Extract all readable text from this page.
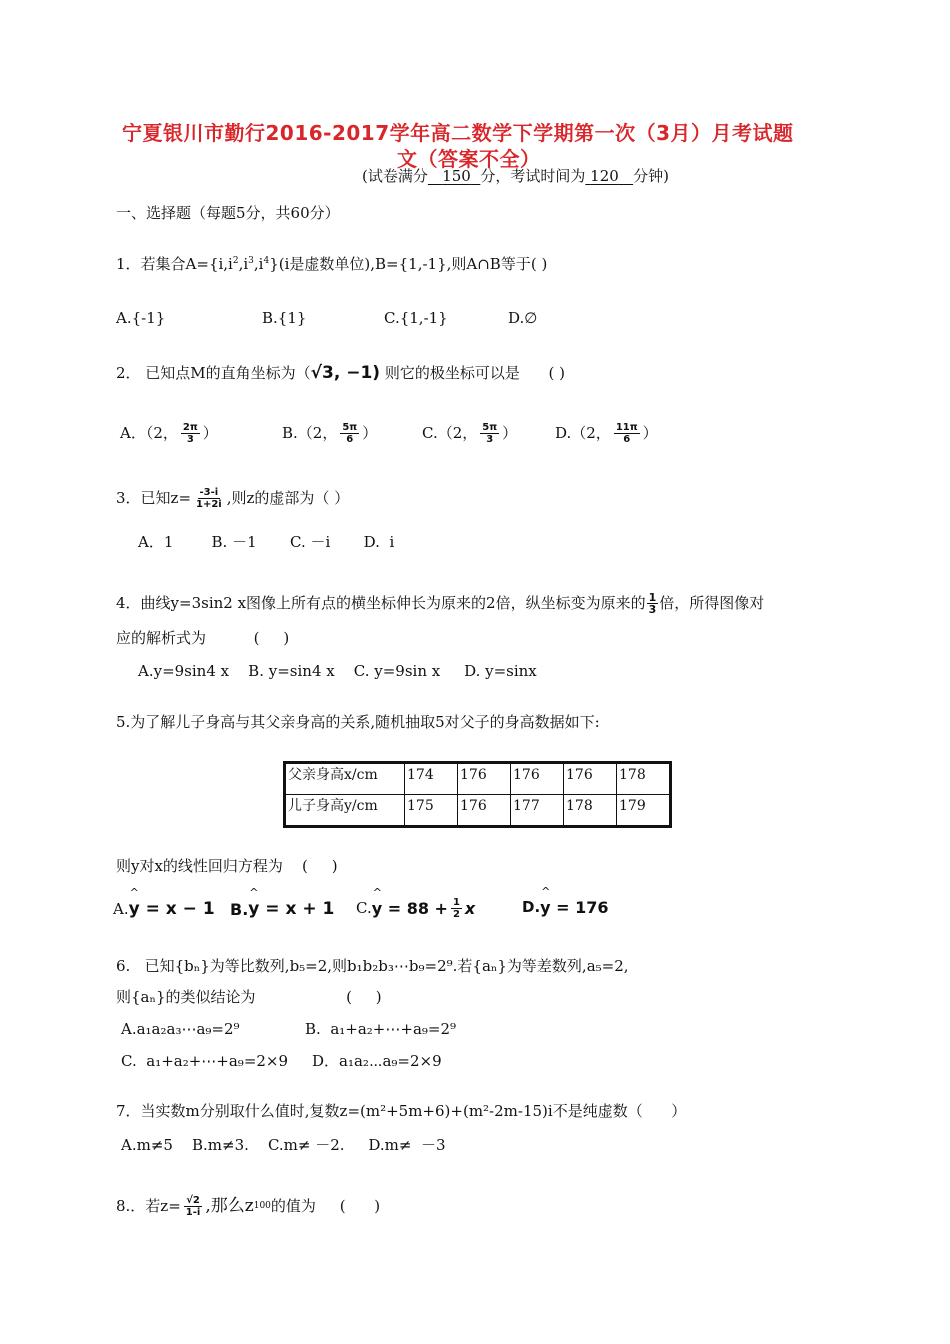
宁夏银川市勤行2016-2017学年高二数学下学期第一次（3月）月考试题
文（答案不全）
(试卷满分 150 分，考试时间为 120 分钟)
一、选择题（每题5分，共60分）
1．若集合$A=\{i,i^2,i^3,i^4\}(i$是虚数单位),B={1,-1},则A∩B等于( )
A.{-1}	B.{1}	C.{1,-1}	D.∅
2． 已知点M的直角坐标为（√3, −1) 则它的极坐标可以是 ( )
A．（2， $\frac{2\pi}{3}$ ）	B.（2， $\frac{5\pi}{6}$ ）	C.（2， $\frac{5\pi}{3}$ ）	D.（2， $\frac{11\pi}{6}$ ）
3．已知$z= \frac{-3-i}{1+2i}$ ,则z的虚部为（ ）
A．1        B. －1       C. －i       D.  i
4．曲线y=3sin2 x图像上所有点的横坐标伸长为原来的2倍，纵坐标变为原来的 $\frac{1}{3}$ 倍，所得图像对
应的解析式为          (     )
A.y=9sin4 x    B. y=sin4 x    C. y=9sin x     D. y=sinx
5.为了解儿子身高与其父亲身高的关系,随机抽取5对父子的身高数据如下:
父亲身高x/cm	174	176	176	176	178
儿子身高y/cm	175	176	177	178	179
则y对x的线性回归方程为    (     )
A. ^ y = x − 1 B. ^ y = x + 1 C. ^ $y = 88 + \frac{1}{2}$ x	D. ^ y = 176
6.   已知{bₙ}为等比数列,b₅=2,则b₁b₂b₃⋯b₉=2⁹.若{aₙ}为等差数列,a₅=2,
则{aₙ}的类似结论为                   (     )
A.a₁a₂a₃⋯a₉=2⁹	B.  a₁+a₂+⋯+a₉=2⁹
C.  a₁+a₂+⋯+a₉=2×9 D．a₁a₂⋯a₉=2×9
7．当实数m分别取什么值时,复数z=(m²+5m+6)+(m²-2m-15)i不是纯虚数（      ）
A.m≠5    B.m≠3.    C.m≠ －2.     D.m≠  －3
8.．若$z= \frac{√2}{1-i}$ ,那么z 100 的值为     (      )
